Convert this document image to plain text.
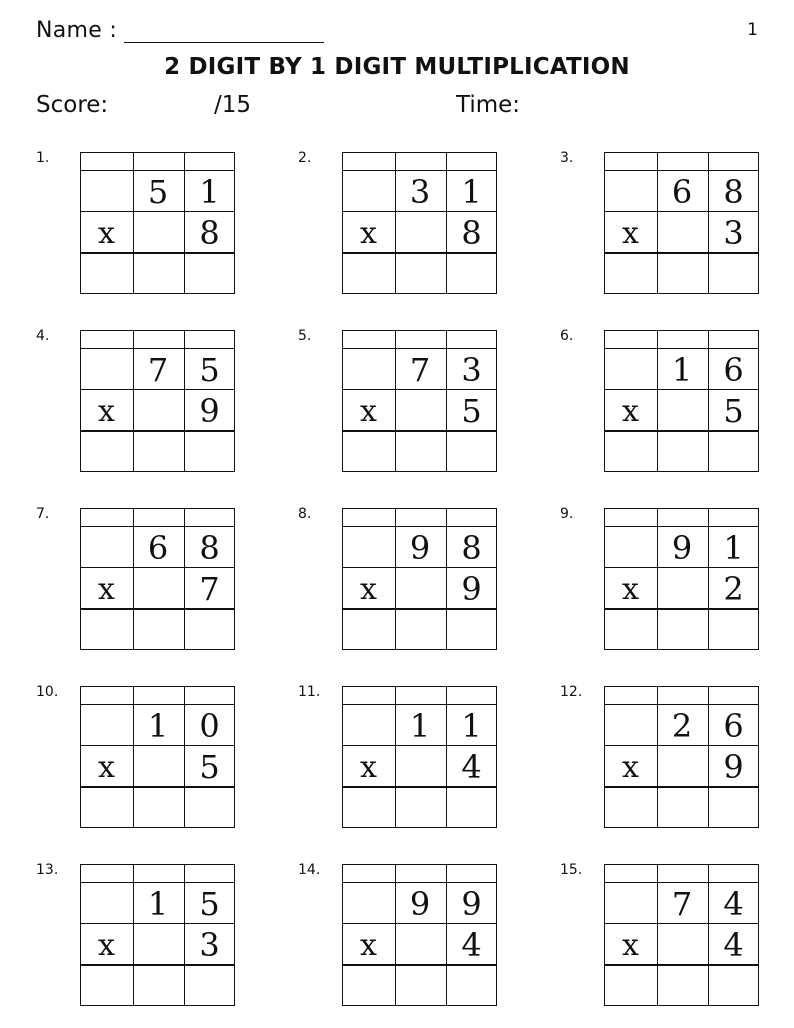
Name :	1
2 DIGIT BY 1 DIGIT MULTIPLICATION
Score:	/15	Time:
1.
5 1
x	8
2.
3 1
x	8
3.
6 8
x	3
4.
7 5
x	9
5.
7 3
x	5
6.
1 6
x	5
7.
6 8
x	7
8.
9 8
x	9
9.
9 1
x	2
10.
1 0
x	5
11.
1 1
x	4
12.
2 6
x	9
13.
1 5
x	3
14.
9 9
x	4
15.
7 4
x	4
